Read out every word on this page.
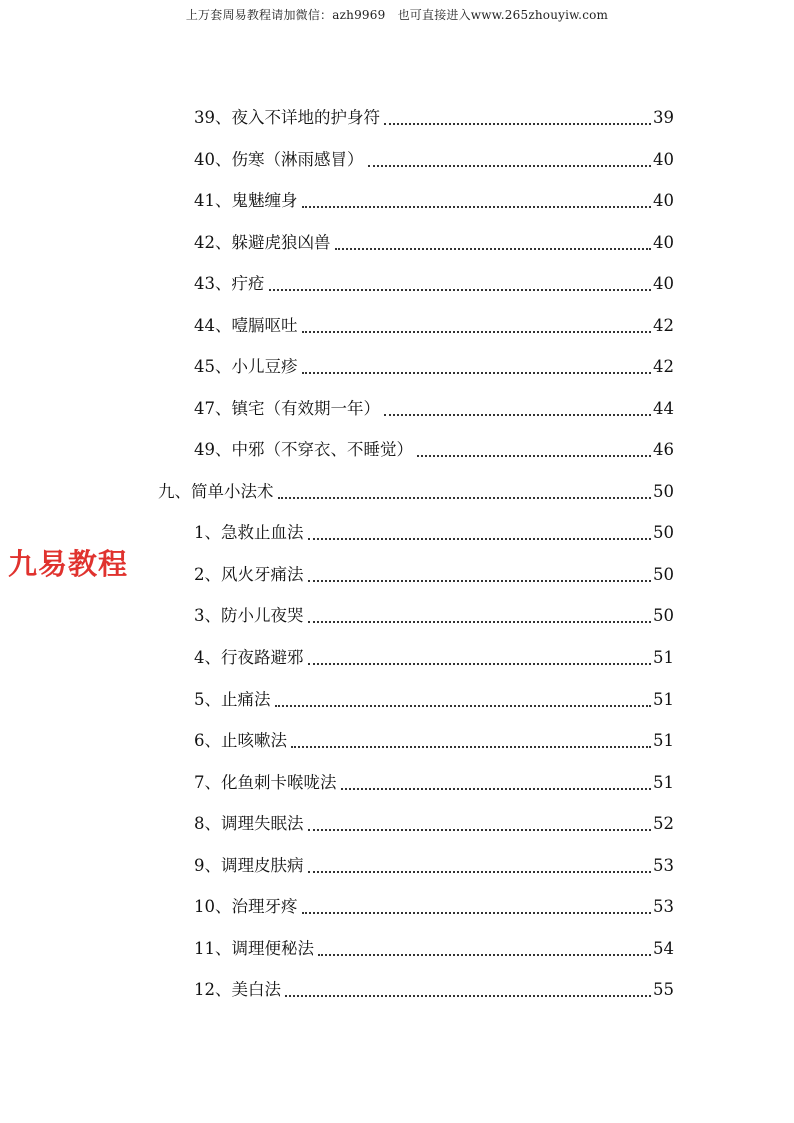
上万套周易教程请加微信：azh9969　也可直接进入www.265zhouyiw.com
九易教程
39、夜入不详地的护身符	39
40、伤寒（淋雨感冒）	40
41、鬼魅缠身	40
42、躲避虎狼凶兽	40
43、疔疮	40
44、噎膈呕吐	42
45、小儿豆疹	42
47、镇宅（有效期一年）	44
49、中邪（不穿衣、不睡觉）	46
九、简单小法术	50
1、急救止血法	50
2、风火牙痛法	50
3、防小儿夜哭	50
4、行夜路避邪	51
5、止痛法	51
6、止咳嗽法	51
7、化鱼刺卡喉咙法	51
8、调理失眠法	52
9、调理皮肤病	53
10、治理牙疼	53
11、调理便秘法	54
12、美白法	55
